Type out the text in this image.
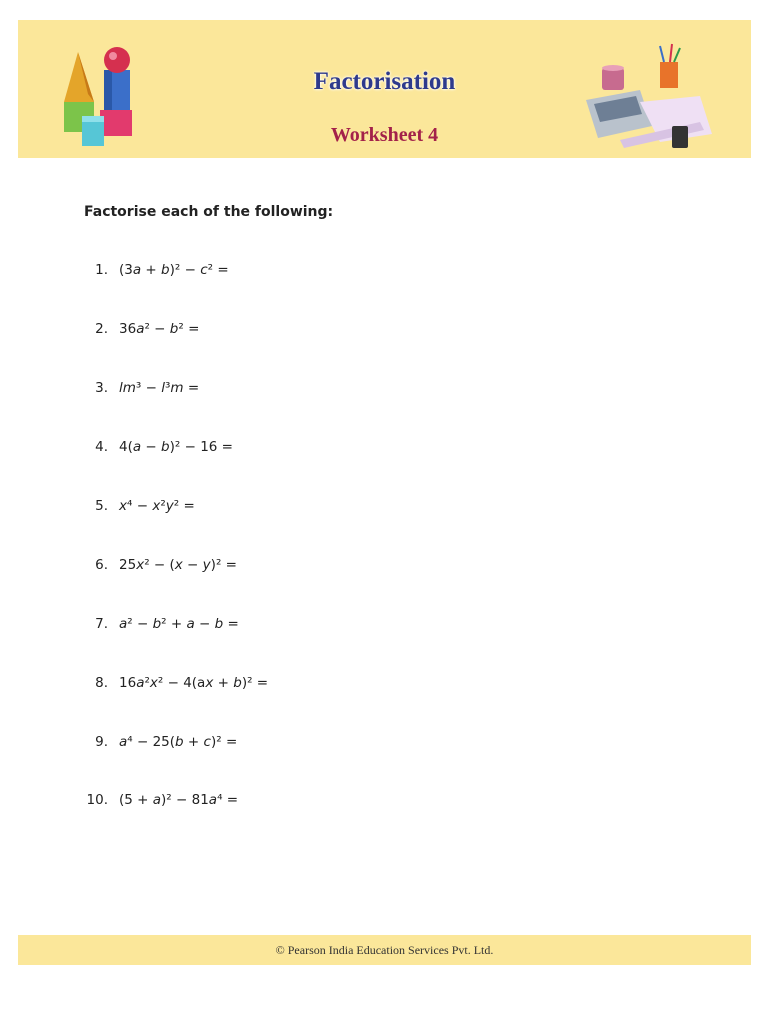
Factorisation
Worksheet 4
Factorise each of the following:
1. (3a + b)² − c² =
2. 36a² − b² =
3. lm³ − l³m =
4. 4(a − b)² − 16 =
5. x⁴ − x²y² =
6. 25x² − (x − y)² =
7. a² − b² + a − b =
8. 16a²x² − 4(ax + b)² =
9. a⁴ − 25(b + c)² =
10. (5 + a)² − 81a⁴ =
© Pearson India Education Services Pvt. Ltd.
